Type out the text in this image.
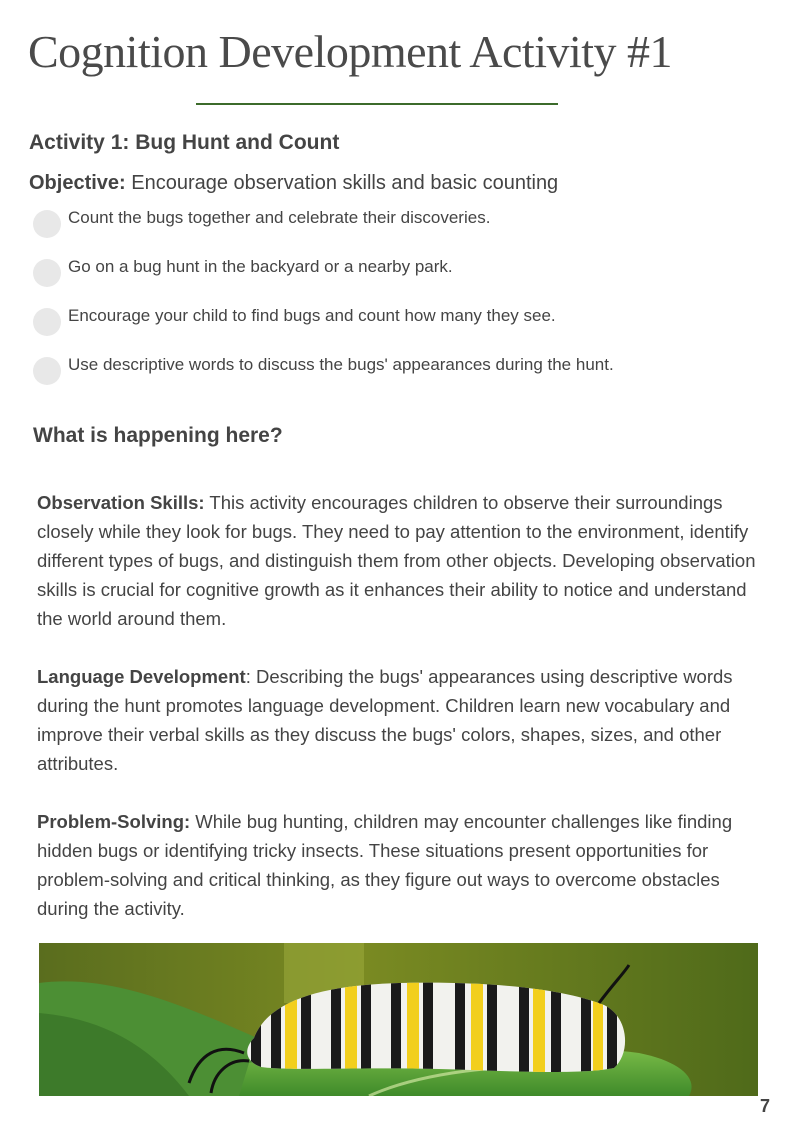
Cognition Development Activity #1
Activity 1: Bug Hunt and Count
Objective: Encourage observation skills and basic counting
Count the bugs together and celebrate their discoveries.
Go on a bug hunt in the backyard or a nearby park.
Encourage your child to find bugs and count how many they see.
Use descriptive words to discuss the bugs' appearances during the hunt.
What is happening here?

Observation Skills: This activity encourages children to observe their surroundings closely while they look for bugs. They need to pay attention to the environment, identify different types of bugs, and distinguish them from other objects. Developing observation skills is crucial for cognitive growth as it enhances their ability to notice and understand the world around them.

Language Development: Describing the bugs' appearances using descriptive words during the hunt promotes language development. Children learn new vocabulary and improve their verbal skills as they discuss the bugs' colors, shapes, sizes, and other attributes.

Problem-Solving: While bug hunting, children may encounter challenges like finding hidden bugs or identifying tricky insects. These situations present opportunities for problem-solving and critical thinking, as they figure out ways to overcome obstacles during the activity.

7
